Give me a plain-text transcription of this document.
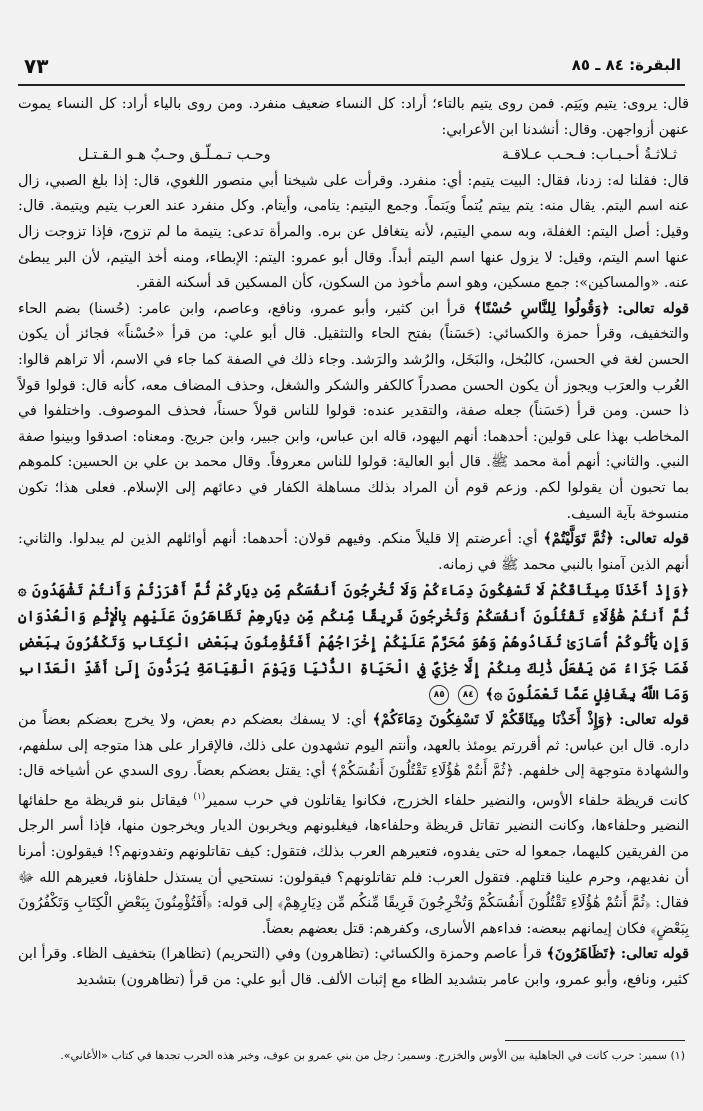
البقرة: ٨٤ ـ ٨٥
٧٣

قال: يروى: يتيم ويَتِم. فمن روى يتيم بالتاء؛ أراد: كل النساء ضعيف منفرد. ومن روى بالياء أراد: كل النساء يموت عنهن أزواجهن. وقال: أنشدنا ابن الأعرابي:

ثـلاثـةُ أحـبـاب: فـحـب عـلاقـة
وحـب تـمـلّـق وحـبٌ هـو الـقـتـل

قال: فقلنا له: زدنا، فقال: البيت يتيم: أي: منفرد. وقرأت على شيخنا أبي منصور اللغوي، قال: إذا بلغ الصبي، زال عنه اسم اليتم. يقال منه: يتم ييتم يُتماً ويَتماً. وجمع اليتيم: يتامى، وأيتام. وكل منفرد عند العرب يتيم ويتيمة. قال: وقيل: أصل اليتم: الغفلة، وبه سمي اليتيم، لأنه يتغافل عن بره. والمرأة تدعى: يتيمة ما لم تزوج، فإذا تزوجت زال عنها اسم اليتم، وقيل: لا يزول عنها اسم اليتم أبداً. وقال أبو عمرو: اليتم: الإبطاء، ومنه أخذ اليتيم، لأن البر يبطئ عنه. «والمساكين»: جمع مسكين، وهو اسم مأخوذ من السكون، كأن المسكين قد أسكنه الفقر.

قوله تعالى: ﴿وَقُولُوا لِلنَّاسِ حُسْنًا﴾ قرأ ابن كثير، وأبو عمرو، ونافع، وعاصم، وابن عامر: (حُسنا) بضم الحاء والتخفيف، وقرأ حمزة والكسائي: (حَسَناً) بفتح الحاء والتثقيل. قال أبو علي: من قرأ «حُسْناً» فجائز أن يكون الحسن لغة في الحسن، كالبُخل، والبَخَل، والرُشد والرَشد. وجاء ذلك في الصفة كما جاء في الاسم، ألا تراهم قالوا: العُرب والعرَب ويجوز أن يكون الحسن مصدراً كالكفر والشكر والشغل، وحذف المضاف معه، كأنه قال: قولوا قولاً ذا حسن. ومن قرأ (حَسَناً) جعله صفة، والتقدير عنده: قولوا للناس قولاً حسناً، فحذف الموصوف. واختلفوا في المخاطب بهذا على قولين: أحدهما: أنهم اليهود، قاله ابن عباس، وابن جبير، وابن جريج. ومعناه: اصدقوا وبينوا صفة النبي. والثاني: أنهم أمة محمد ﷺ. قال أبو العالية: قولوا للناس معروفاً. وقال محمد بن علي بن الحسين: كلموهم بما تحبون أن يقولوا لكم. وزعم قوم أن المراد بذلك مساهلة الكفار في دعائهم إلى الإسلام. فعلى هذا؛ تكون منسوخة بآية السيف.

قوله تعالى: ﴿ثُمَّ تَوَلَّيْتُمْ﴾ أي: أعرضتم إلا قليلاً منكم. وفيهم قولان: أحدهما: أنهم أوائلهم الذين لم يبدلوا. والثاني: أنهم الذين آمنوا بالنبي محمد ﷺ في زمانه.

﴿وَإِذْ أَخَذْنَا مِيثَاقَكُمْ لَا تَسْفِكُونَ دِمَاءَكُمْ وَلَا تُخْرِجُونَ أَنفُسَكُم مِّن دِيَارِكُمْ ثُمَّ أَقْرَرْتُمْ وَأَنتُمْ تَشْهَدُونَ ۞ ثُمَّ أَنتُمْ هَٰؤُلَاءِ تَقْتُلُونَ أَنفُسَكُمْ وَتُخْرِجُونَ فَرِيقًا مِّنكُم مِّن دِيَارِهِمْ تَظَاهَرُونَ عَلَيْهِم بِالْإِثْمِ وَالْعُدْوَانِ وَإِن يَأْتُوكُمْ أُسَارَىٰ تُفَادُوهُمْ وَهُوَ مُحَرَّمٌ عَلَيْكُمْ إِخْرَاجُهُمْ أَفَتُؤْمِنُونَ بِبَعْضِ الْكِتَابِ وَتَكْفُرُونَ بِبَعْضٍ فَمَا جَزَاءُ مَن يَفْعَلُ ذَٰلِكَ مِنكُمْ إِلَّا خِزْيٌ فِي الْحَيَاةِ الدُّنْيَا وَيَوْمَ الْقِيَامَةِ يُرَدُّونَ إِلَىٰ أَشَدِّ الْعَذَابِ وَمَا اللَّهُ بِغَافِلٍ عَمَّا تَعْمَلُونَ ۞﴾ ٨٤ ٨٥

قوله تعالى: ﴿وَإِذْ أَخَذْنَا مِيثَاقَكُمْ لَا تَسْفِكُونَ دِمَاءَكُمْ﴾ أي: لا يسفك بعضكم دم بعض، ولا يخرج بعضكم بعضاً من داره. قال ابن عباس: ثم أقررتم يومئذ بالعهد، وأنتم اليوم تشهدون على ذلك، فالإقرار على هذا متوجه إلى سلفهم، والشهادة متوجهة إلى خلفهم. ﴿ثُمَّ أَنتُمْ هَٰؤُلَاءِ تَقْتُلُونَ أَنفُسَكُمْ﴾ أي: يقتل بعضكم بعضاً. روى السدي عن أشياخه قال: كانت قريظة حلفاء الأوس، والنضير حلفاء الخزرج، فكانوا يقاتلون في حرب سمير$^{(١)}$ فيقاتل بنو قريظة مع حلفائها النضير وحلفاءها، وكانت النضير تقاتل قريظة وحلفاءها، فيغلبونهم ويخربون الديار ويخرجون منها، فإذا أسر الرجل من الفريقين كليهما، جمعوا له حتى يفدوه، فتعيرهم العرب بذلك، فتقول: كيف تقاتلونهم وتفدونهم؟! فيقولون: أمرنا أن نفديهم، وحرم علينا قتلهم. فتقول العرب: فلم تقاتلونهم؟ فيقولون: نستحيي أن يستذل حلفاؤنا، فعيرهم الله ﷻ فقال: ﴿ثُمَّ أَنتُمْ هَٰؤُلَاءِ تَقْتُلُونَ أَنفُسَكُمْ وَتُخْرِجُونَ فَرِيقًا مِّنكُم مِّن دِيَارِهِمْ﴾ إلى قوله: ﴿أَفَتُؤْمِنُونَ بِبَعْضِ الْكِتَابِ وَتَكْفُرُونَ بِبَعْضٍ﴾ فكان إيمانهم ببعضه: فداءهم الأسارى، وكفرهم: قتل بعضهم بعضاً.

قوله تعالى: ﴿تَظَاهَرُونَ﴾ قرأ عاصم وحمزة والكسائي: (تظاهرون) وفي (التحريم) (تظاهرا) بتخفيف الظاء. وقرأ ابن كثير، ونافع، وأبو عمرو، وابن عامر بتشديد الظاء مع إثبات الألف. قال أبو علي: من قرأ (تظاهرون) بتشديد

(١) سمير: حرب كانت في الجاهلية بين الأوس والخزرج. وسمير: رجل من بني عمرو بن عوف، وخبر هذه الحرب تجدها في كتاب «الأغاني».
